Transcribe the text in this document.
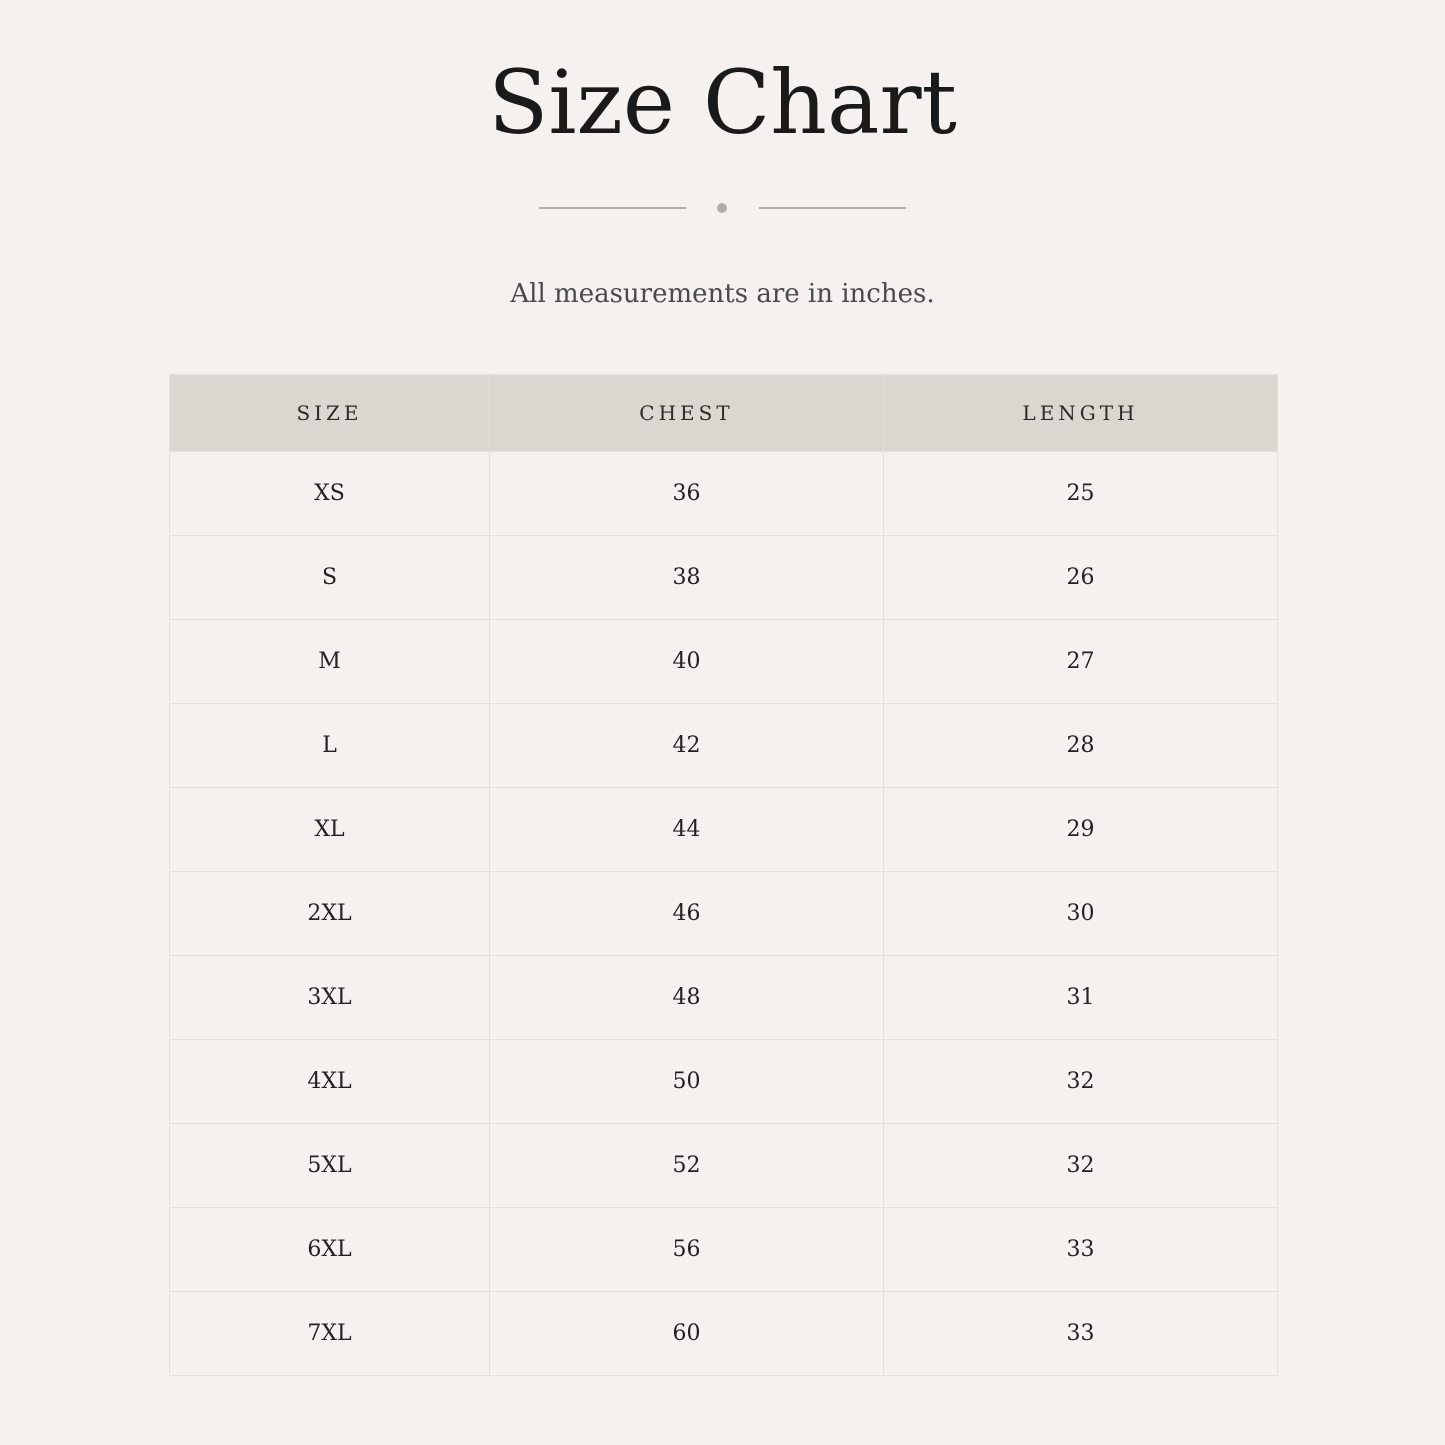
Size Chart
All measurements are in inches.
SIZE	CHEST	LENGTH
XS	36	25
S	38	26
M	40	27
L	42	28
XL	44	29
2XL	46	30
3XL	48	31
4XL	50	32
5XL	52	32
6XL	56	33
7XL	60	33
